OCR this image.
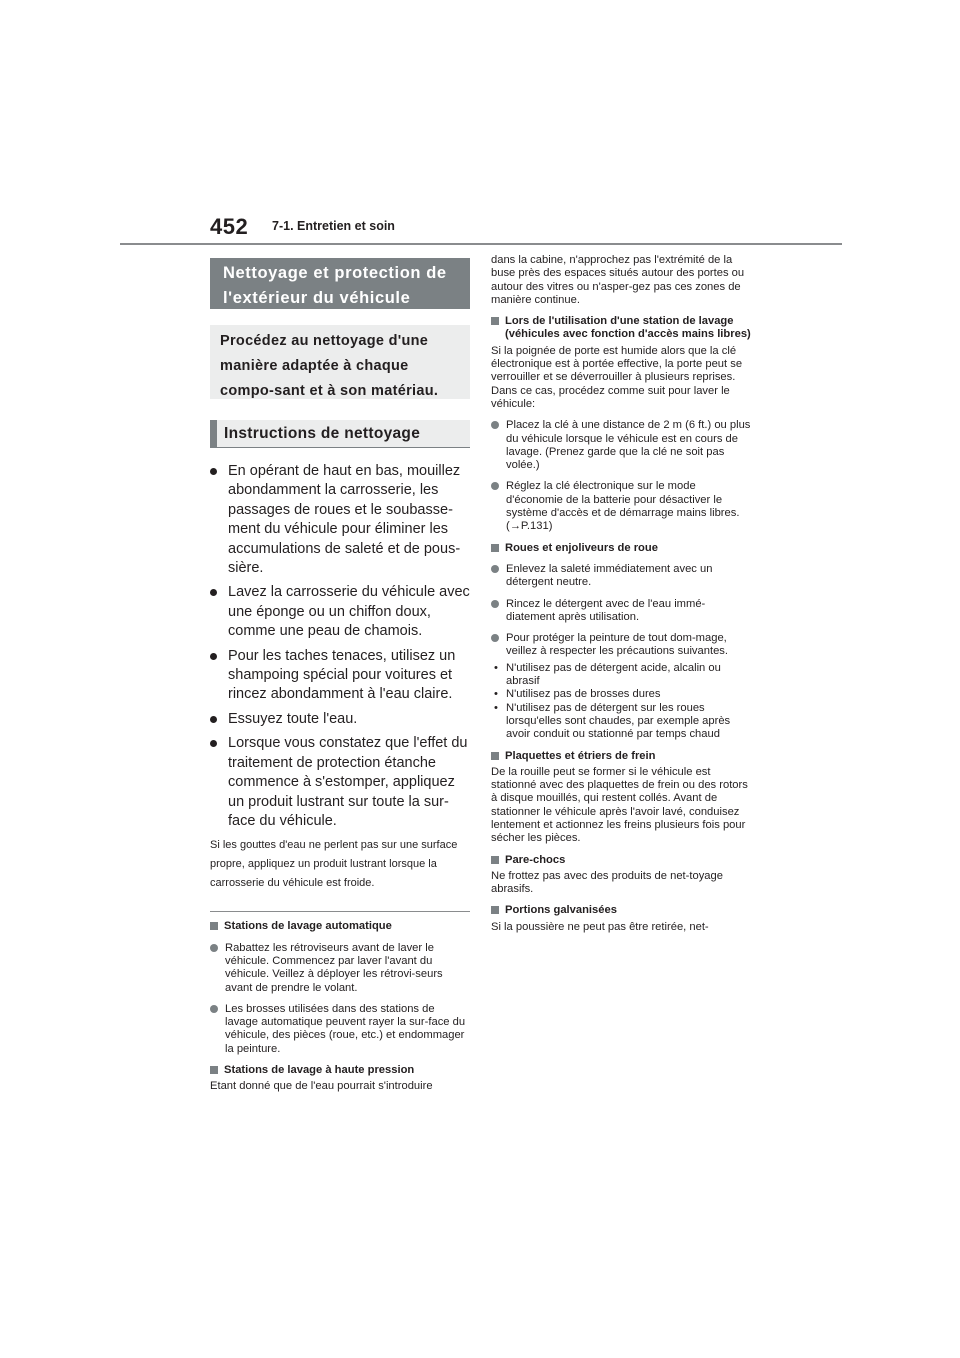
452 7-1. Entretien et soin
Nettoyage et protection de l'extérieur du véhicule
Procédez au nettoyage d'une manière adaptée à chaque compo-sant et à son matériau.
Instructions de nettoyage
En opérant de haut en bas, mouillez abondamment la carrosserie, les passages de roues et le soubasse-ment du véhicule pour éliminer les accumulations de saleté et de pous-sière.
Lavez la carrosserie du véhicule avec une éponge ou un chiffon doux, comme une peau de chamois.
Pour les taches tenaces, utilisez un shampoing spécial pour voitures et rincez abondamment à l'eau claire.
Essuyez toute l'eau.
Lorsque vous constatez que l'effet du traitement de protection étanche commence à s'estomper, appliquez un produit lustrant sur toute la sur-face du véhicule.
Si les gouttes d'eau ne perlent pas sur une surface propre, appliquez un produit lustrant lorsque la carrosserie du véhicule est froide.
Stations de lavage automatique
Rabattez les rétroviseurs avant de laver le véhicule. Commencez par laver l'avant du véhicule. Veillez à déployer les rétrovi-seurs avant de prendre le volant.
Les brosses utilisées dans des stations de lavage automatique peuvent rayer la sur-face du véhicule, des pièces (roue, etc.) et endommager la peinture.
Stations de lavage à haute pression
Etant donné que de l'eau pourrait s'introduire
dans la cabine, n'approchez pas l'extrémité de la buse près des espaces situés autour des portes ou autour des vitres ou n'asper-gez pas ces zones de manière continue.
Lors de l'utilisation d'une station de lavage (véhicules avec fonction d'accès mains libres)
Si la poignée de porte est humide alors que la clé électronique est à portée effective, la porte peut se verrouiller et se déverrouiller à plusieurs reprises. Dans ce cas, procédez comme suit pour laver le véhicule:
Placez la clé à une distance de 2 m (6 ft.) ou plus du véhicule lorsque le véhicule est en cours de lavage. (Prenez garde que la clé ne soit pas volée.)
Réglez la clé électronique sur le mode d'économie de la batterie pour désactiver le système d'accès et de démarrage mains libres. (→P.131)
Roues et enjoliveurs de roue
Enlevez la saleté immédiatement avec un détergent neutre.
Rincez le détergent avec de l'eau immé-diatement après utilisation.
Pour protéger la peinture de tout dom-mage, veillez à respecter les précautions suivantes.
• N'utilisez pas de détergent acide, alcalin ou abrasif
• N'utilisez pas de brosses dures
• N'utilisez pas de détergent sur les roues lorsqu'elles sont chaudes, par exemple après avoir conduit ou stationné par temps chaud
Plaquettes et étriers de frein
De la rouille peut se former si le véhicule est stationné avec des plaquettes de frein ou des rotors à disque mouillés, qui restent collés. Avant de stationner le véhicule après l'avoir lavé, conduisez lentement et actionnez les freins plusieurs fois pour sécher les pièces.
Pare-chocs
Ne frottez pas avec des produits de net-toyage abrasifs.
Portions galvanisées
Si la poussière ne peut pas être retirée, net-
